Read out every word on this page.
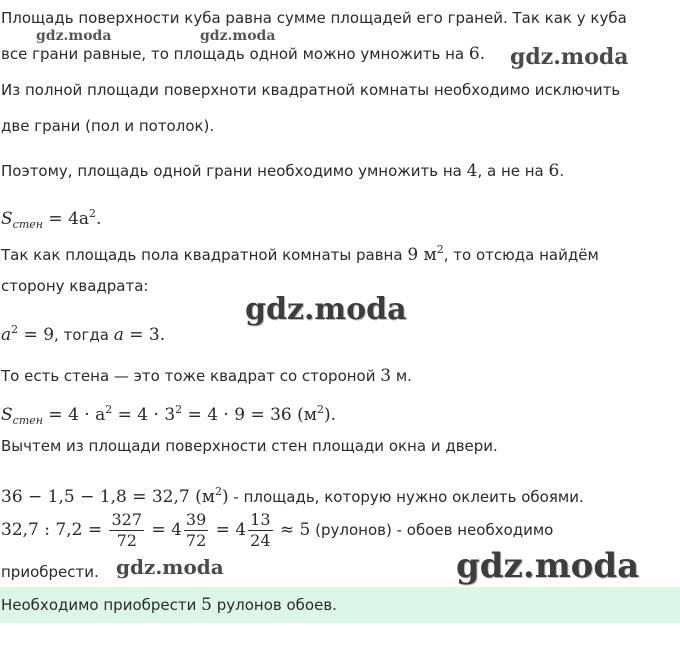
Площадь поверхности куба равна сумме площадей его граней. Так как у куба
все грани равные, то площадь одной можно умножить на 6.
Из полной площади поверхноти квадратной комнаты необходимо исключить
две грани (пол и потолок).
Поэтому, площадь одной грани необходимо умножить на 4, а не на 6.
$S_{стен} = 4a^2$.
Так как площадь пола квадратной комнаты равна 9 $м^2$, то отсюда найдём
сторону квадрата:
$a^2 = 9$, тогда a = 3.
То есть стена — это тоже квадрат со стороной 3 м.
$S_{стен} = 4 \cdot a^2 = 4 \cdot 3^2 = 4 \cdot 9 = 36$ $(м^2)$.
Вычтем из площади поверхности стен площади окна и двери.
36 − 1,5 − 1,8 = 32,7 $(м^2)$ - площадь, которую нужно оклеить обоями.
32,7 : $7,2 = \frac{327}{72} = 4 \frac{39}{72} = 4 \frac{13}{24} \approx 5$ (рулонов) - обоев необходимо
приобрести.
Необходимо приобрести 5 рулонов обоев.
gdz.moda	gdz.moda
gdz.moda
gdz.moda
gdz.moda	gdz.moda
